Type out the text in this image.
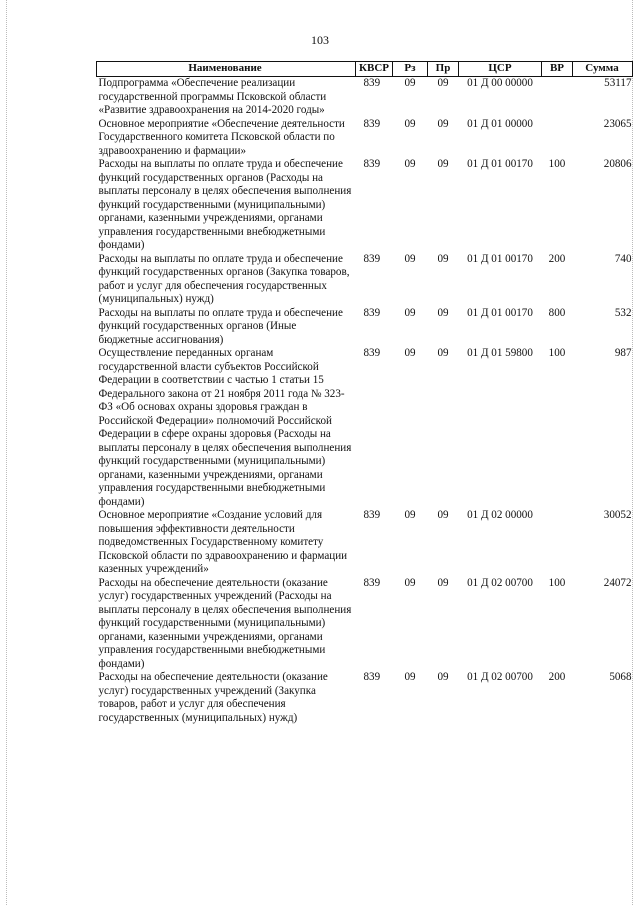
103
Наименование	КВСР	Рз	Пр	ЦСР	ВР	Сумма
Подпрограмма «Обеспечение реализации государственной программы Псковской области «Развитие здравоохранения на 2014-2020 годы»	839	09	09	01 Д 00 00000		53117
Основное мероприятие «Обеспечение деятельности Государственного комитета Псковской области по здравоохранению и фармации»	839	09	09	01 Д 01 00000		23065
Расходы на выплаты по оплате труда и обеспечение функций государственных органов (Расходы на выплаты персоналу в целях обеспечения выполнения функций государственными (муниципальными) органами, казенными учреждениями, органами управления государственными внебюджетными фондами)	839	09	09	01 Д 01 00170	100	20806
Расходы на выплаты по оплате труда и обеспечение функций государственных органов (Закупка товаров, работ и услуг для обеспечения государственных (муниципальных) нужд)	839	09	09	01 Д 01 00170	200	740
Расходы на выплаты по оплате труда и обеспечение функций государственных органов (Иные бюджетные ассигнования)	839	09	09	01 Д 01 00170	800	532
Осуществление переданных органам государственной власти субъектов Российской Федерации в соответствии с частью 1 статьи 15 Федерального закона от 21 ноября 2011 года № 323-ФЗ «Об основах охраны здоровья граждан в Российской Федерации» полномочий Российской Федерации в сфере охраны здоровья (Расходы на выплаты персоналу в целях обеспечения выполнения функций государственными (муниципальными) органами, казенными учреждениями, органами управления государственными внебюджетными фондами)	839	09	09	01 Д 01 59800	100	987
Основное мероприятие «Создание условий для повышения эффективности деятельности подведомственных Государственному комитету Псковской области по здравоохранению и фармации казенных учреждений»	839	09	09	01 Д 02 00000		30052
Расходы на обеспечение деятельности (оказание услуг) государственных учреждений (Расходы на выплаты персоналу в целях обеспечения выполнения функций государственными (муниципальными) органами, казенными учреждениями, органами управления государственными внебюджетными фондами)	839	09	09	01 Д 02 00700	100	24072
Расходы на обеспечение деятельности (оказание услуг) государственных учреждений (Закупка товаров, работ и услуг для обеспечения государственных (муниципальных) нужд)	839	09	09	01 Д 02 00700	200	5068
